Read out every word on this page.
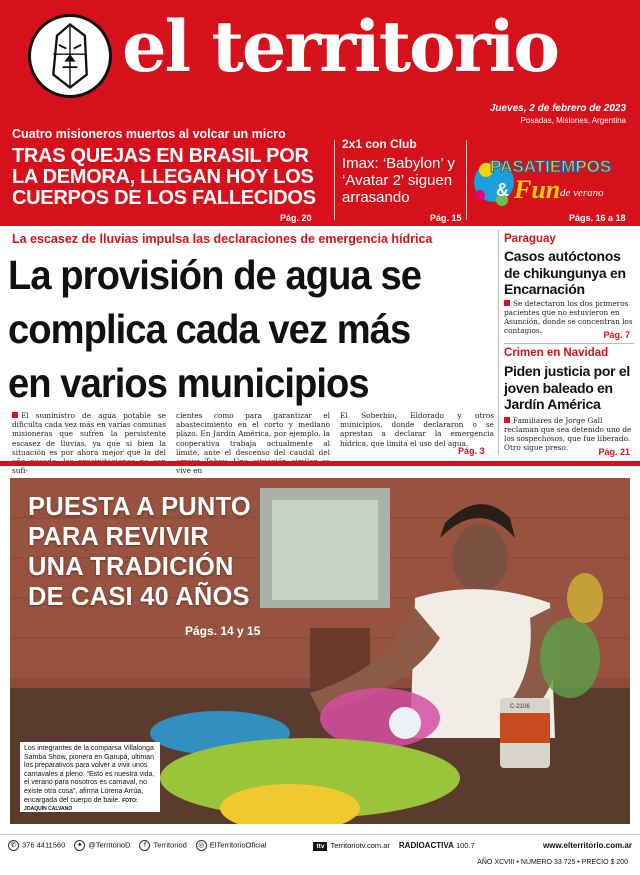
el territorio
Jueves, 2 de febrero de 2023
Posadas, Misiones, Argentina
Cuatro misioneros muertos al volcar un micro
TRAS QUEJAS EN BRASIL POR LA DEMORA, LLEGAN HOY LOS CUERPOS DE LOS FALLECIDOS
Pág. 20
2x1 con Club
Imax: ‘Babylon’ y ‘Avatar 2’ siguen arrasando
Pág. 15
PASATIEMPOS
& Fun de verano
Págs. 16 a 18
La escasez de lluvias impulsa las declaraciones de emergencia hídrica
La provisión de agua se
complica cada vez más
en varios municipios
El suministro de agua potable se dificulta cada vez más en varias comunas misioneras que sufren la persistente escasez de lluvias, ya que si bien la situación es por ahora mejor que la del sufi-
cientes como para garantizar el abastecimiento en el corto y mediano plazo. En Jardín América, por ejemplo, la cooperativa trabaja actualmente al límite, ante el descenso del caudal del vive en
El Soberbio, Eldorado y otros municipios, donde declararon o se aprestan a declarar la emergencia hídrica, que limita el uso del agua.
Pág. 3
Paraguay
Casos autóctonos de chikungunya en Encarnación
Se detectaron los dos primeros pacientes que no estuvieron en Asunción, donde se concentran los contagios.	Pág. 7
Crimen en Navidad
Piden justicia por el joven baleado en Jardín América
Familiares de Jorge Gall reclaman que sea detenido uno de los sospechosos, que fue liberado. Otro sigue preso.	Pág. 21
C-2106
PUESTA A PUNTO
PARA REVIVIR
UNA TRADICIÓN
DE CASI 40 AÑOS
Págs. 14 y 15
Los integrantes de la comparsa Villalonga Samba Show, pionera en Garupá, ultiman los preparativos para volver a vivir unos carnavales a pleno. “Esto es nuestra vida, el verano para nosotros es carnaval, no existe otra cosa”, afirma Lorena Arrúa, encargada del cuerpo de baile. FOTO: JOAQUÍN CALVANO
✆ 376 4411560	✦ @TerritorioD	f Territoriod	◎ ElTerritorioOficial	ttv Territoriotv.com.ar RADIOACTIVA 100.7	www.elterritorio.com.ar
AÑO XCVIII • NÚMERO 33 725 • PRECIO $ 200
